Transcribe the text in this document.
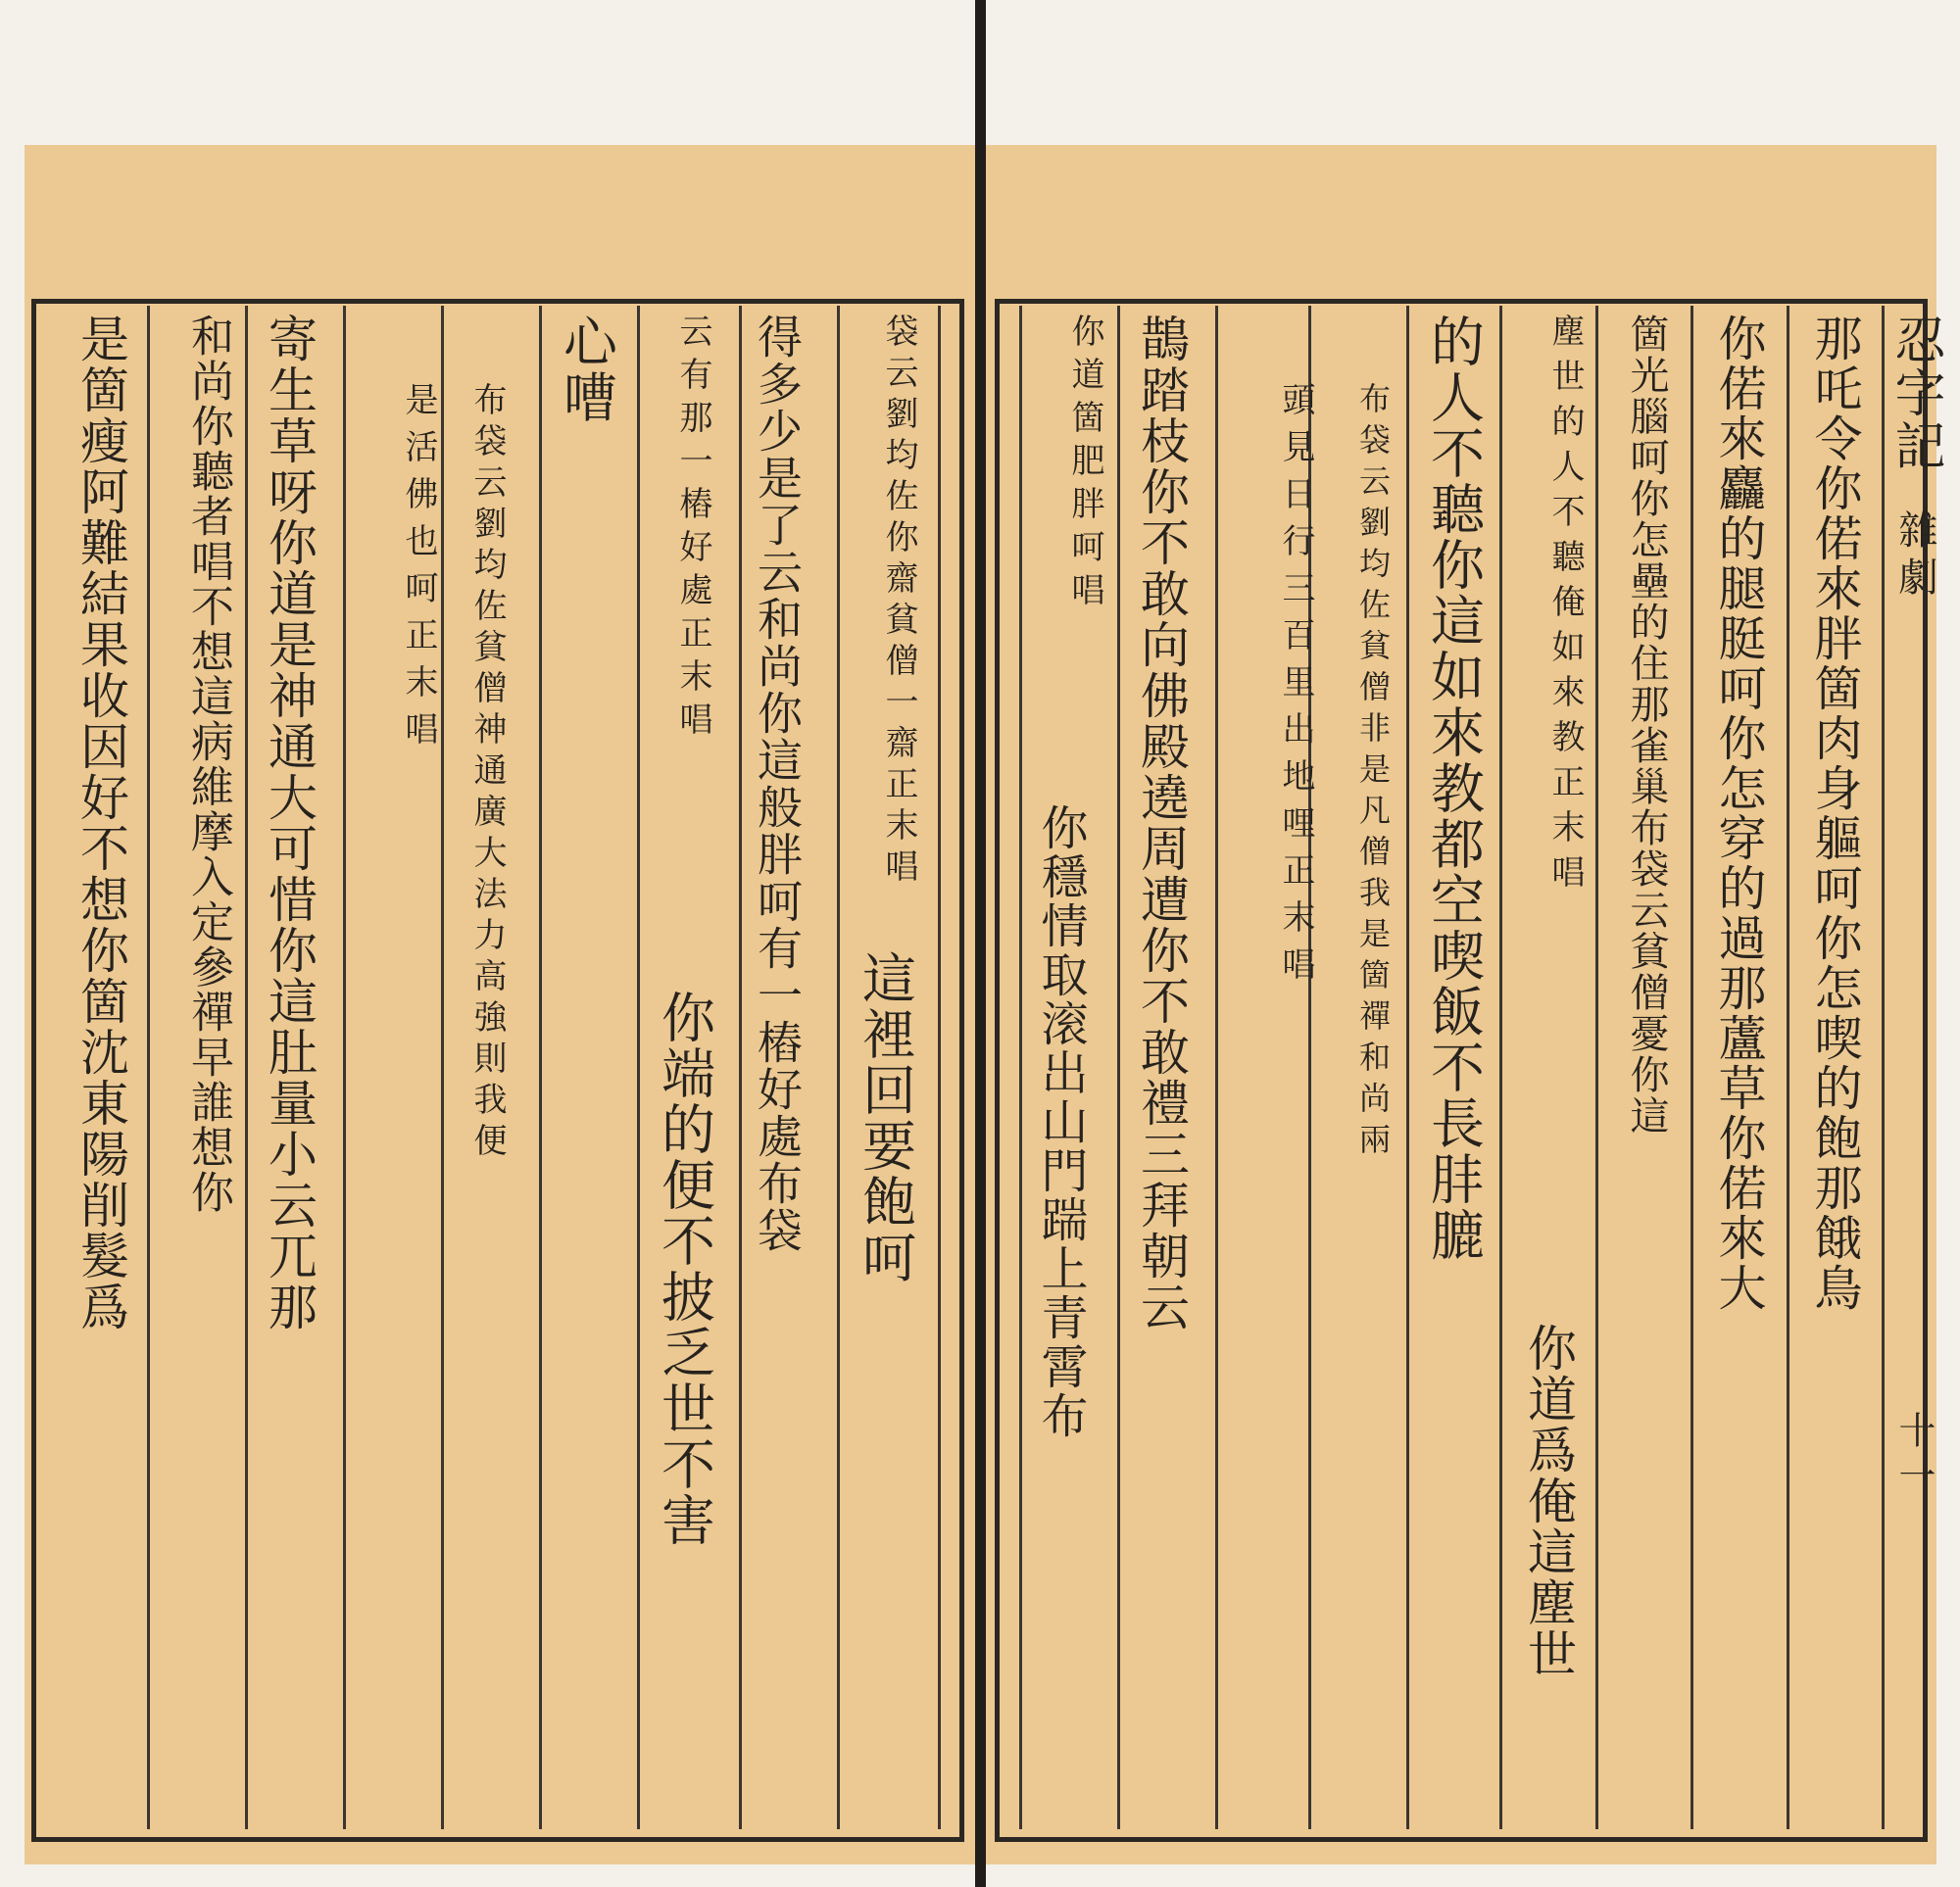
袋云劉均佐你齋貧僧一齋正末唱
這裡回要飽呵
得多少是了云和尚你這般胖呵有一樁好處布袋
云有那一樁好處正末唱
你端的便不披乏世不害
心嘈
布袋云劉均佐貧僧神通廣大法力高強則我便
是活佛也呵正末唱
寄生草呀你道是神通大可惜你這肚量小云兀那
和尚你聽者唱不想這病維摩入定參禪早誰想你
是箇瘦阿難結果收因好不想你箇沈東陽削髮爲	那吒令你偌來胖箇肉身軀呵你怎喫的飽那餓鳥
你偌來麤的腿脡呵你怎穿的過那蘆草你偌來大
箇光腦呵你怎壘的住那雀巢布袋云貧僧憂你這
塵世的人不聽俺如來教正末唱
你道爲俺這塵世
的人不聽你這如來教都空喫飯不長肨膔
布袋云劉均佐貧僧非是凡僧我是箇禪和尚兩
頭見日行三百里出地哩正末唱
鵲踏枝你不敢向佛殿遶周遭你不敢禮三拜朝云
你道箇肥胖呵唱
你穩情取滚出山門踹上青霄布
忍字記
雜劇
十一
